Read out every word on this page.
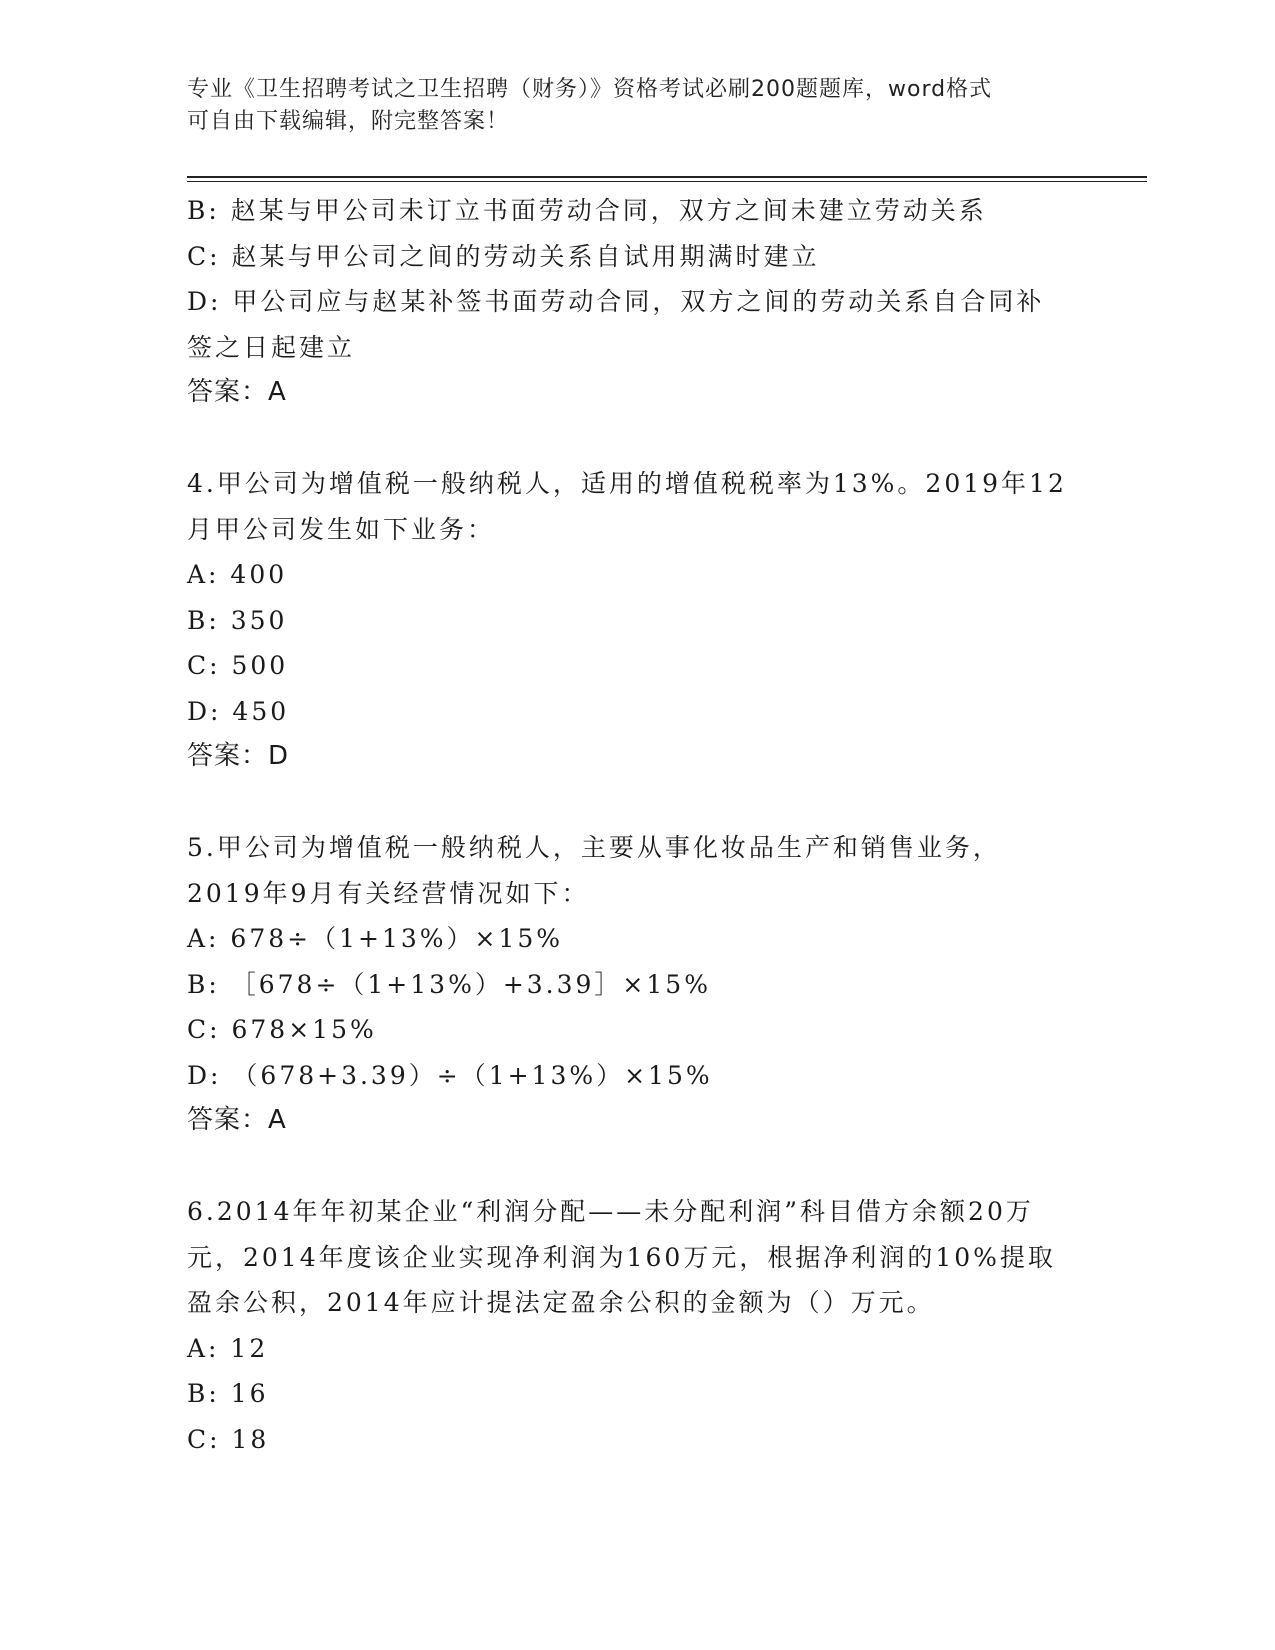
专业《卫生招聘考试之卫生招聘（财务）》资格考试必刷200题题库，word格式
可自由下载编辑，附完整答案！
B: 赵某与甲公司未订立书面劳动合同，双方之间未建立劳动关系
C: 赵某与甲公司之间的劳动关系自试用期满时建立
D: 甲公司应与赵某补签书面劳动合同，双方之间的劳动关系自合同补
签之日起建立
答案：A
4.甲公司为增值税一般纳税人，适用的增值税税率为13%。2019年12
月甲公司发生如下业务：
A: 400
B: 350
C: 500
D: 450
答案：D
5.甲公司为增值税一般纳税人，主要从事化妆品生产和销售业务，
2019年9月有关经营情况如下：
A: 678÷（1+13%）×15%
B: ［678÷（1+13%）+3.39］×15%
C: 678×15%
D: （678+3.39）÷（1+13%）×15%
答案：A
6.2014年年初某企业“利润分配——未分配利润”科目借方余额20万
元，2014年度该企业实现净利润为160万元，根据净利润的10%提取
盈余公积，2014年应计提法定盈余公积的金额为（）万元。
A: 12
B: 16
C: 18
